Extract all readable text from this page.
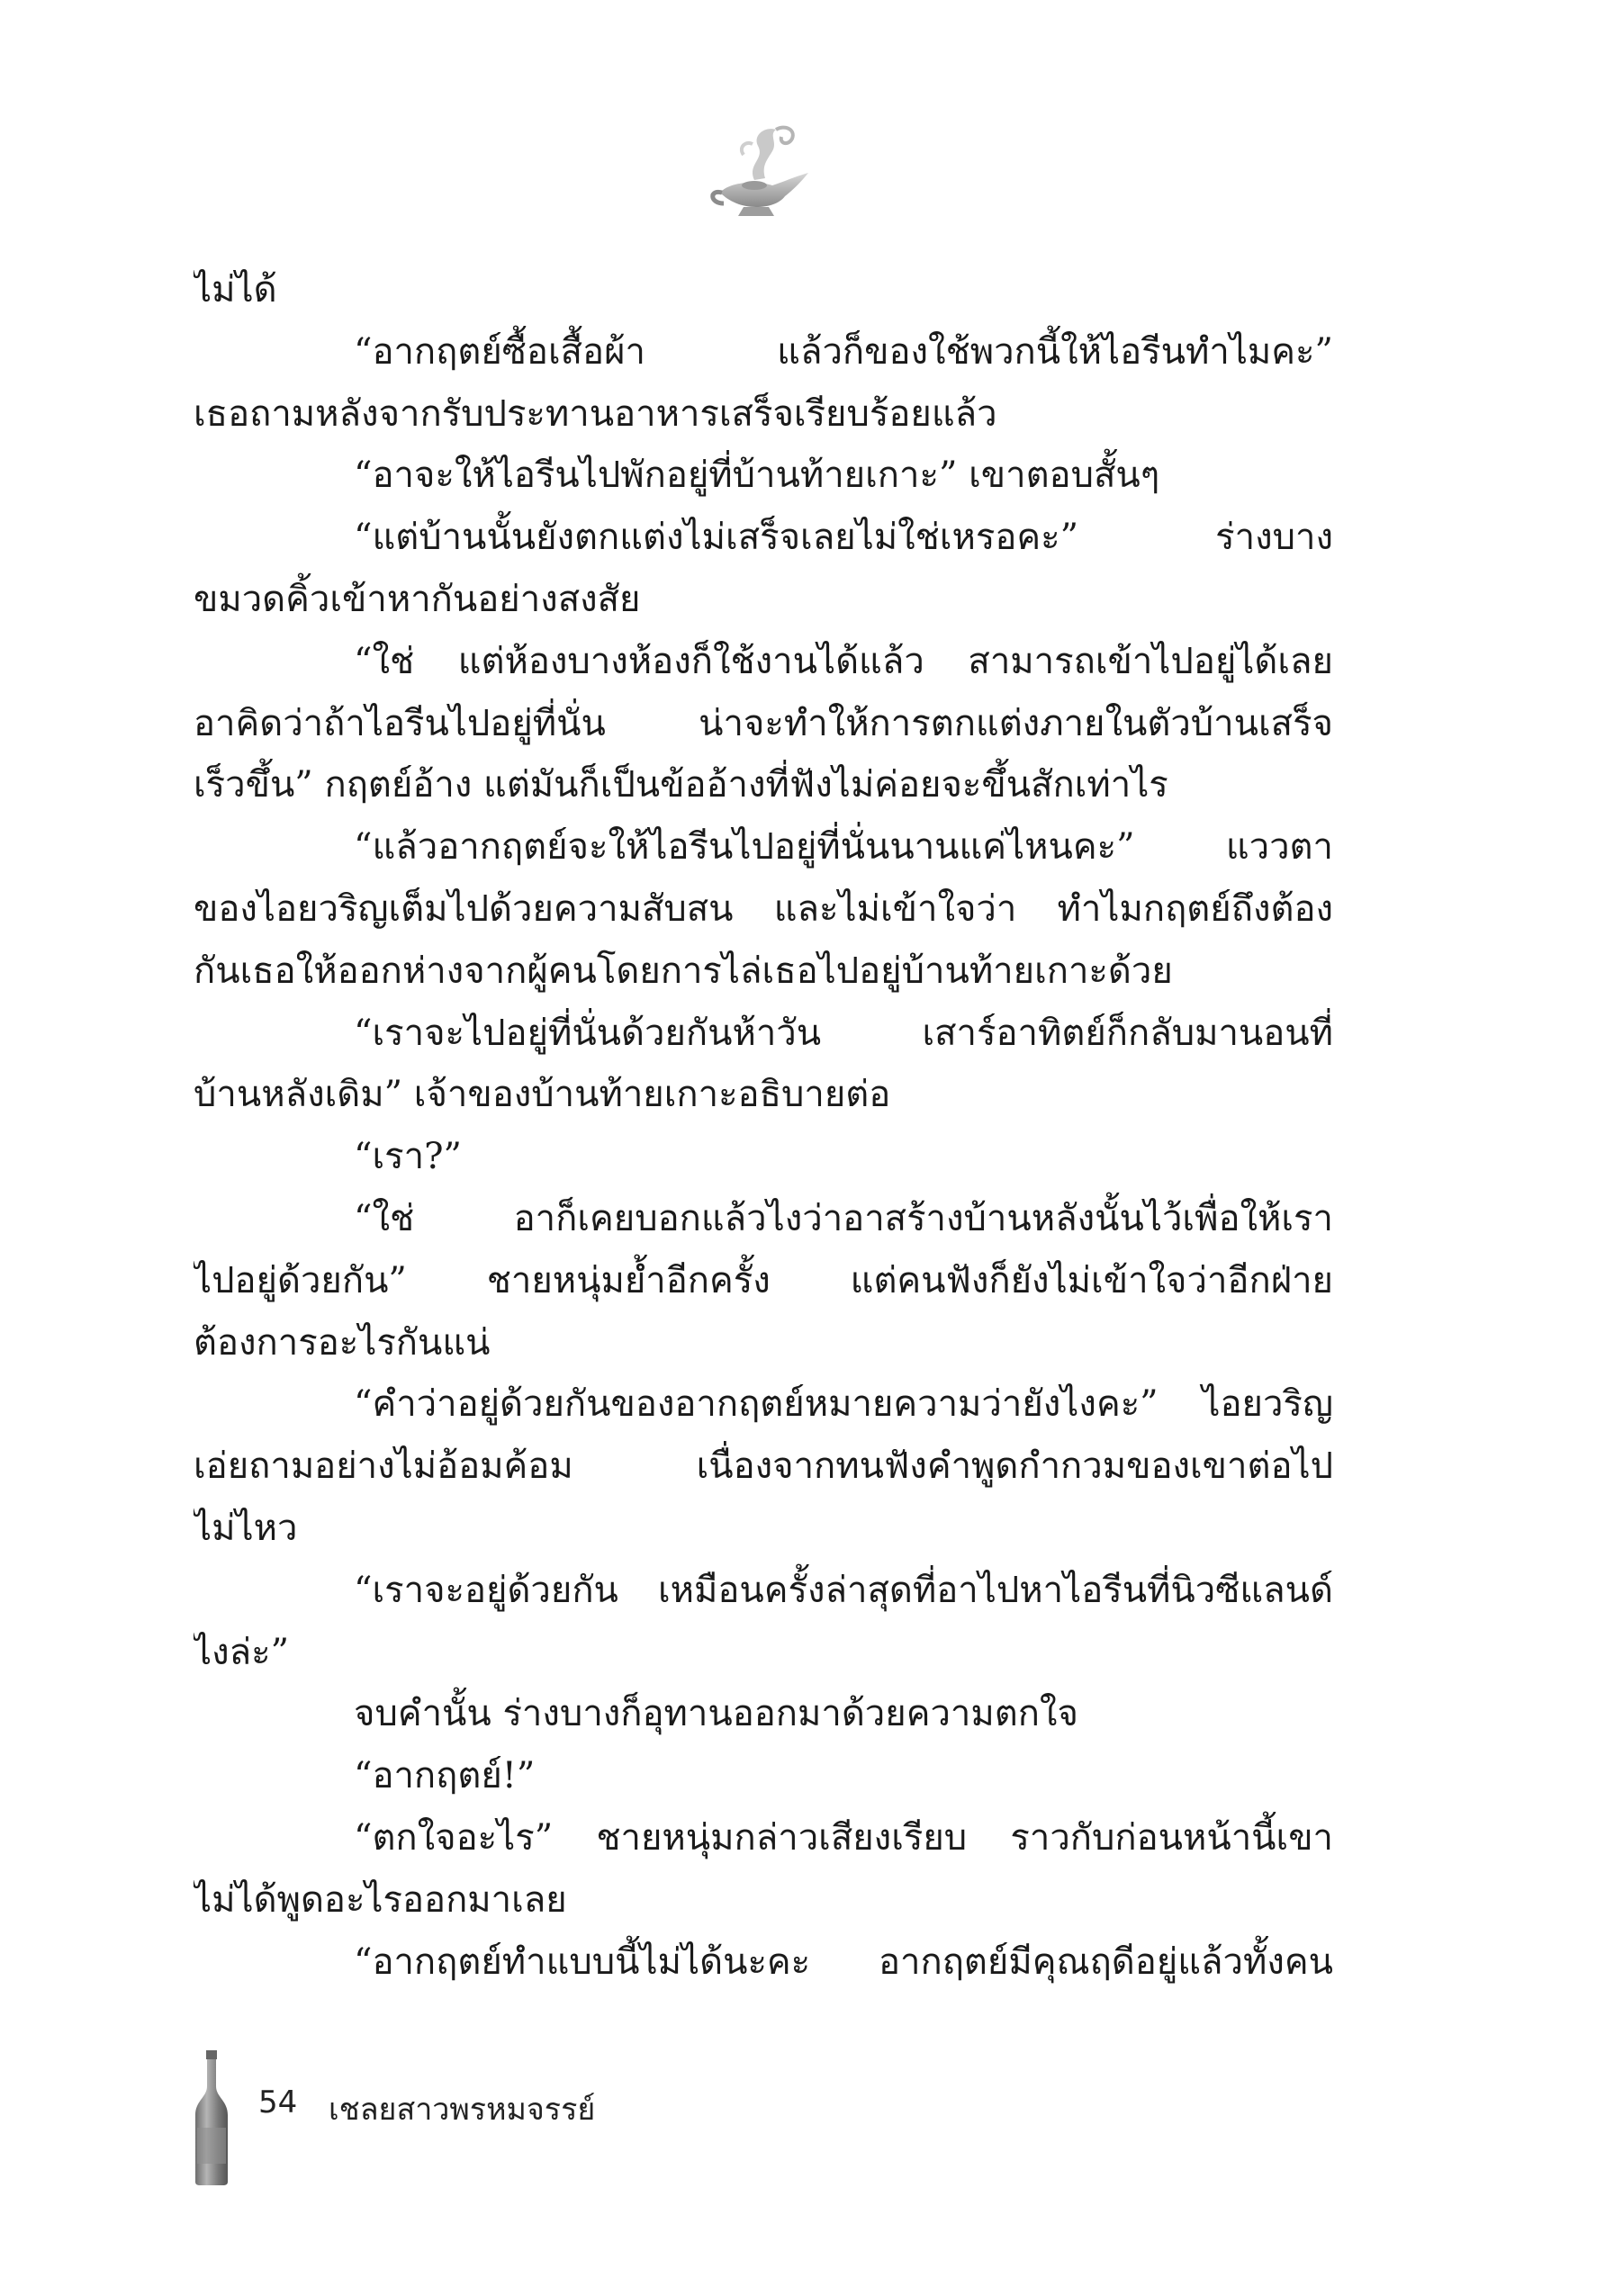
ไม่ได้
“อากฤตย์ซื้อเสื้อผ้า แล้วก็ของใช้พวกนี้ให้ไอรีนทำไมคะ”
เธอถามหลังจากรับประทานอาหารเสร็จเรียบร้อยแล้ว
“อาจะให้ไอรีนไปพักอยู่ที่บ้านท้ายเกาะ” เขาตอบสั้นๆ
“แต่บ้านนั้นยังตกแต่งไม่เสร็จเลยไม่ใช่เหรอคะ” ร่างบาง
ขมวดคิ้วเข้าหากันอย่างสงสัย
“ใช่ แต่ห้องบางห้องก็ใช้งานได้แล้ว สามารถเข้าไปอยู่ได้เลย
อาคิดว่าถ้าไอรีนไปอยู่ที่นั่น น่าจะทำให้การตกแต่งภายในตัวบ้านเสร็จ
เร็วขึ้น” กฤตย์อ้าง แต่มันก็เป็นข้ออ้างที่ฟังไม่ค่อยจะขึ้นสักเท่าไร
“แล้วอากฤตย์จะให้ไอรีนไปอยู่ที่นั่นนานแค่ไหนคะ” แววตา
ของไอยวริญเต็มไปด้วยความสับสน และไม่เข้าใจว่า ทำไมกฤตย์ถึงต้อง
กันเธอให้ออกห่างจากผู้คนโดยการไล่เธอไปอยู่บ้านท้ายเกาะด้วย
“เราจะไปอยู่ที่นั่นด้วยกันห้าวัน เสาร์อาทิตย์ก็กลับมานอนที่
บ้านหลังเดิม” เจ้าของบ้านท้ายเกาะอธิบายต่อ
“เรา?”
“ใช่ อาก็เคยบอกแล้วไงว่าอาสร้างบ้านหลังนั้นไว้เพื่อให้เรา
ไปอยู่ด้วยกัน” ชายหนุ่มย้ำอีกครั้ง แต่คนฟังก็ยังไม่เข้าใจว่าอีกฝ่าย
ต้องการอะไรกันแน่
“คำว่าอยู่ด้วยกันของอากฤตย์หมายความว่ายังไงคะ” ไอยวริญ
เอ่ยถามอย่างไม่อ้อมค้อม เนื่องจากทนฟังคำพูดกำกวมของเขาต่อไป
ไม่ไหว
“เราจะอยู่ด้วยกัน เหมือนครั้งล่าสุดที่อาไปหาไอรีนที่นิวซีแลนด์
ไงล่ะ”
จบคำนั้น ร่างบางก็อุทานออกมาด้วยความตกใจ
“อากฤตย์!”
“ตกใจอะไร” ชายหนุ่มกล่าวเสียงเรียบ ราวกับก่อนหน้านี้เขา
ไม่ได้พูดอะไรออกมาเลย
“อากฤตย์ทำแบบนี้ไม่ได้นะคะ อากฤตย์มีคุณฤดีอยู่แล้วทั้งคน
54 เชลยสาวพรหมจรรย์
